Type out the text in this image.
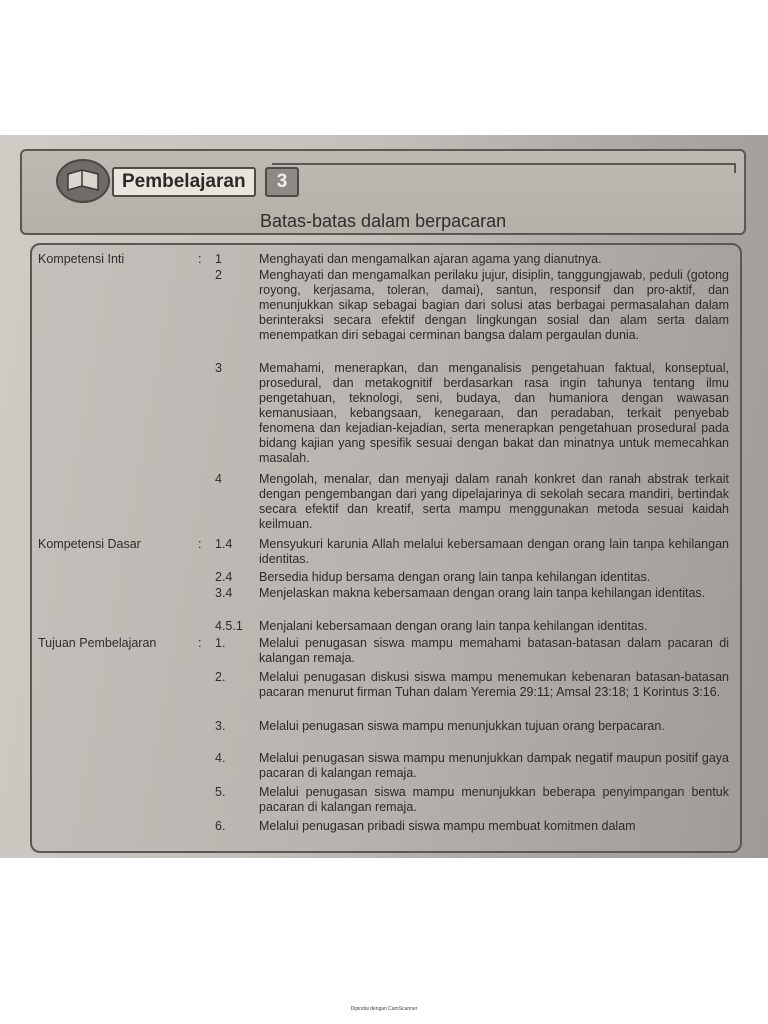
Pembelajaran	3
Batas-batas dalam berpacaran
Kompetensi Inti	: 1	Menghayati dan mengamalkan ajaran agama yang dianutnya.
2	Menghayati dan mengamalkan perilaku jujur, disiplin, tanggungjawab, peduli (gotong royong, kerjasama, toleran, damai), santun, responsif dan pro-aktif, dan menunjukkan sikap sebagai bagian dari solusi atas berbagai permasalahan dalam berinteraksi secara efektif dengan lingkungan sosial dan alam serta dalam menempatkan diri sebagai cerminan bangsa dalam pergaulan dunia.
3	Memahami, menerapkan, dan menganalisis pengetahuan faktual, konseptual, prosedural, dan metakognitif berdasarkan rasa ingin tahunya tentang ilmu pengetahuan, teknologi, seni, budaya, dan humaniora dengan wawasan kemanusiaan, kebangsaan, kenegaraan, dan peradaban, terkait penyebab fenomena dan kejadian-kejadian, serta menerapkan pengetahuan prosedural pada bidang kajian yang spesifik sesuai dengan bakat dan minatnya untuk memecahkan masalah.
4	Mengolah, menalar, dan menyaji dalam ranah konkret dan ranah abstrak terkait dengan pengembangan dari yang dipelajarinya di sekolah secara mandiri, bertindak secara efektif dan kreatif, serta mampu menggunakan metoda sesuai kaidah keilmuan.
Kompetensi Dasar	: 1.4 Mensyukuri karunia Allah melalui kebersamaan dengan orang lain tanpa kehilangan identitas.
2.4 Bersedia hidup bersama dengan orang lain tanpa kehilangan identitas.
3.4 Menjelaskan makna kebersamaan dengan orang lain tanpa kehilangan identitas.
4.5.1 Menjalani kebersamaan dengan orang lain tanpa kehilangan identitas.
Tujuan Pembelajaran	: 1.	Melalui penugasan siswa mampu memahami batasan-batasan dalam pacaran di kalangan remaja.
2.	Melalui penugasan diskusi siswa mampu menemukan kebenaran batasan-batasan pacaran menurut firman Tuhan dalam Yeremia 29:11; Amsal 23:18; 1 Korintus 3:16.
3.	Melalui penugasan siswa mampu menunjukkan tujuan orang berpacaran.
4.	Melalui penugasan siswa mampu menunjukkan dampak negatif maupun positif gaya pacaran di kalangan remaja.
5.	Melalui penugasan siswa mampu menunjukkan beberapa penyimpangan bentuk pacaran di kalangan remaja.
6.	Melalui penugasan pribadi siswa mampu membuat komitmen dalam
Dipindai dengan CamScanner
